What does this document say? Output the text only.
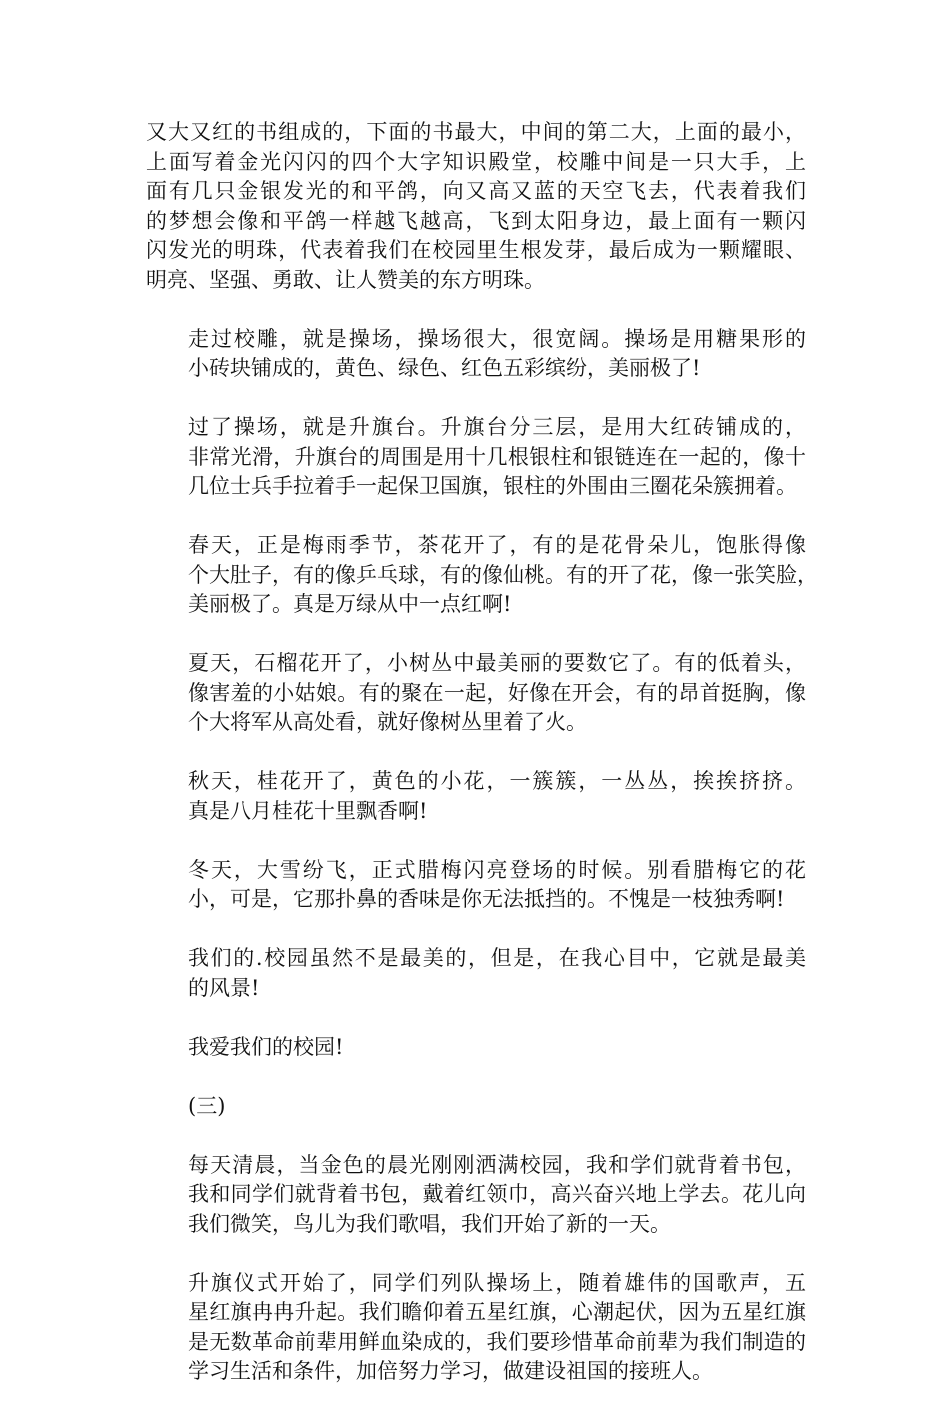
又大又红的书组成的，下面的书最大，中间的第二大，上面的最小，
上面写着金光闪闪的四个大字知识殿堂，校雕中间是一只大手，上
面有几只金银发光的和平鸽，向又高又蓝的天空飞去，代表着我们
的梦想会像和平鸽一样越飞越高，飞到太阳身边，最上面有一颗闪
闪发光的明珠，代表着我们在校园里生根发芽，最后成为一颗耀眼、
明亮、坚强、勇敢、让人赞美的东方明珠。
走过校雕，就是操场，操场很大，很宽阔。操场是用糖果形的
小砖块铺成的，黄色、绿色、红色五彩缤纷，美丽极了!
过了操场，就是升旗台。升旗台分三层，是用大红砖铺成的，
非常光滑，升旗台的周围是用十几根银柱和银链连在一起的，像十
几位士兵手拉着手一起保卫国旗，银柱的外围由三圈花朵簇拥着。
春天，正是梅雨季节，茶花开了，有的是花骨朵儿，饱胀得像
个大肚子，有的像乒乓球，有的像仙桃。有的开了花，像一张笑脸，
美丽极了。真是万绿从中一点红啊!
夏天，石榴花开了，小树丛中最美丽的要数它了。有的低着头，
像害羞的小姑娘。有的聚在一起，好像在开会，有的昂首挺胸，像
个大将军从高处看，就好像树丛里着了火。
秋天，桂花开了，黄色的小花，一簇簇，一丛丛，挨挨挤挤。
真是八月桂花十里飘香啊!
冬天，大雪纷飞，正式腊梅闪亮登场的时候。别看腊梅它的花
小，可是，它那扑鼻的香味是你无法抵挡的。不愧是一枝独秀啊!
我们的.校园虽然不是最美的，但是，在我心目中，它就是最美
的风景!
我爱我们的校园!
(三)
每天清晨，当金色的晨光刚刚洒满校园，我和学们就背着书包，
我和同学们就背着书包，戴着红领巾，高兴奋兴地上学去。花儿向
我们微笑，鸟儿为我们歌唱，我们开始了新的一天。
升旗仪式开始了，同学们列队操场上，随着雄伟的国歌声，五
星红旗冉冉升起。我们瞻仰着五星红旗，心潮起伏，因为五星红旗
是无数革命前辈用鲜血染成的，我们要珍惜革命前辈为我们制造的
学习生活和条件，加倍努力学习，做建设祖国的接班人。
